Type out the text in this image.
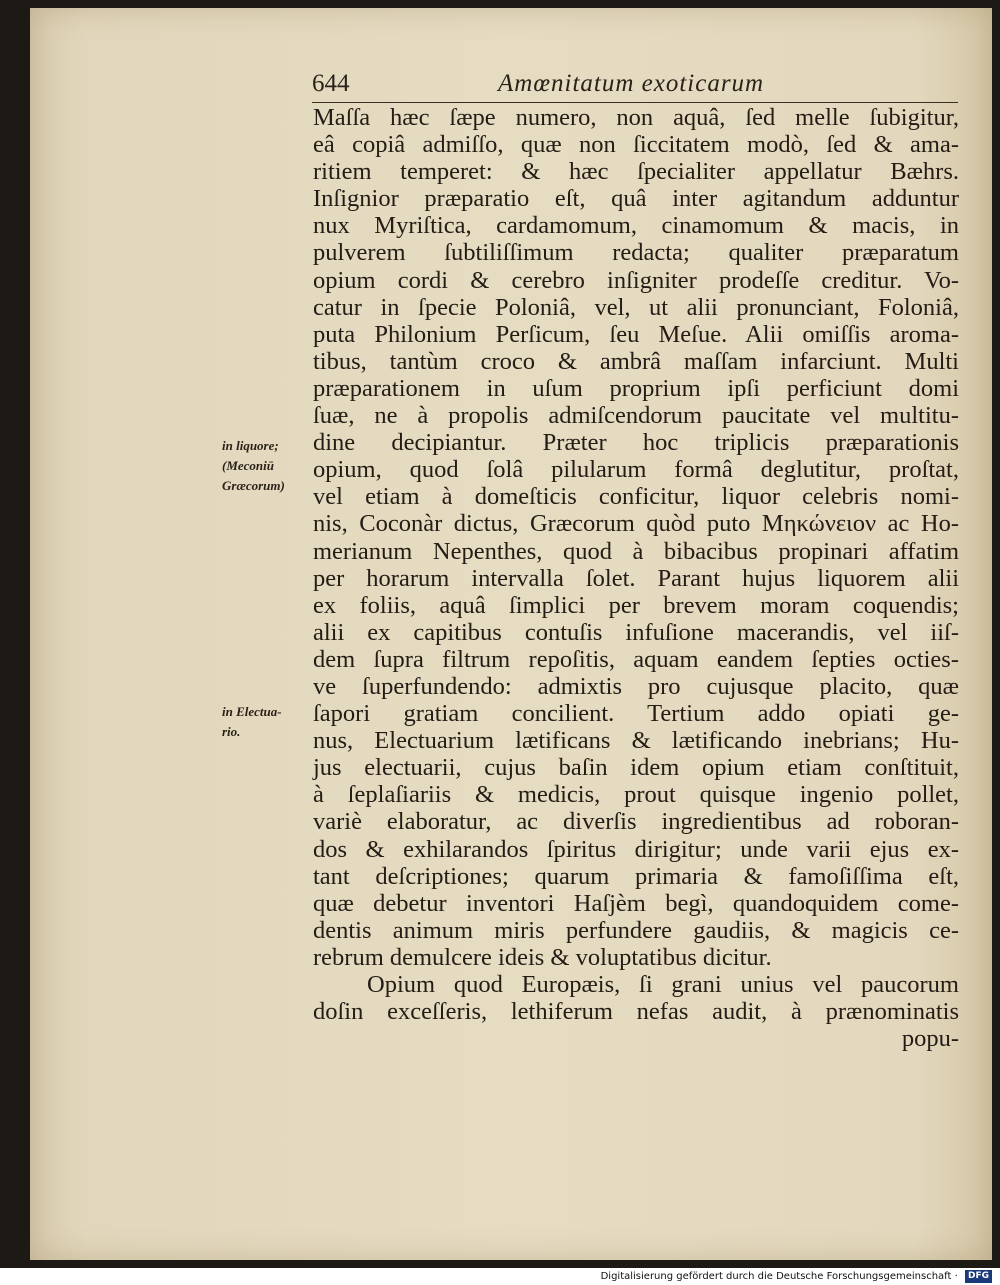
644	Amœnitatum exoticarum
in liquore;
(Meconiū
Græcorum)
in Electua-
rio.
Maſſa hæc ſæpe numero, non aquâ, ſed melle ſubigitur,
eâ copiâ admiſſo, quæ non ſiccitatem modò, ſed & ama-
ritiem temperet: & hæc ſpecialiter appellatur Bæhrs.
Inſignior præparatio eſt, quâ inter agitandum adduntur
nux Myriſtica, cardamomum, cinamomum & macis, in
pulverem ſubtiliſſimum redacta; qualiter præparatum
opium cordi & cerebro inſigniter prodeſſe creditur. Vo-
catur in ſpecie Poloniâ, vel, ut alii pronunciant, Foloniâ,
puta Philonium Perſicum, ſeu Meſue. Alii omiſſis aroma-
tibus, tantùm croco & ambrâ maſſam infarciunt. Multi
præparationem in uſum proprium ipſi perficiunt domi
ſuæ, ne à propolis admiſcendorum paucitate vel multitu-
dine decipiantur. Præter hoc triplicis præparationis
opium, quod ſolâ pilularum formâ deglutitur, proſtat,
vel etiam à domeſticis conficitur, liquor celebris nomi-
nis, Coconàr dictus, Græcorum quòd puto Μηκώνειον ac Ho-
merianum Nepenthes, quod à bibacibus propinari affatim
per horarum intervalla ſolet. Parant hujus liquorem alii
ex foliis, aquâ ſimplici per brevem moram coquendis;
alii ex capitibus contuſis infuſione macerandis, vel iiſ-
dem ſupra filtrum repoſitis, aquam eandem ſepties octies-
ve ſuperfundendo: admixtis pro cujusque placito, quæ
ſapori gratiam concilient. Tertium addo opiati ge-
nus, Electuarium lætificans & lætificando inebrians; Hu-
jus electuarii, cujus baſin idem opium etiam conſtituit,
à ſeplaſiariis & medicis, prout quisque ingenio pollet,
variè elaboratur, ac diverſis ingredientibus ad roboran-
dos & exhilarandos ſpiritus dirigitur; unde varii ejus ex-
tant deſcriptiones; quarum primaria & famoſiſſima eſt,
quæ debetur inventori Haſjèm begì, quandoquidem come-
dentis animum miris perfundere gaudiis, & magicis ce-
rebrum demulcere ideis & voluptatibus dicitur.
Opium quod Europæis, ſi grani unius vel paucorum
doſin exceſſeris, lethiferum nefas audit, à prænominatis
popu-
Digitalisierung gefördert durch die Deutsche Forschungsgemeinschaft · DFG
